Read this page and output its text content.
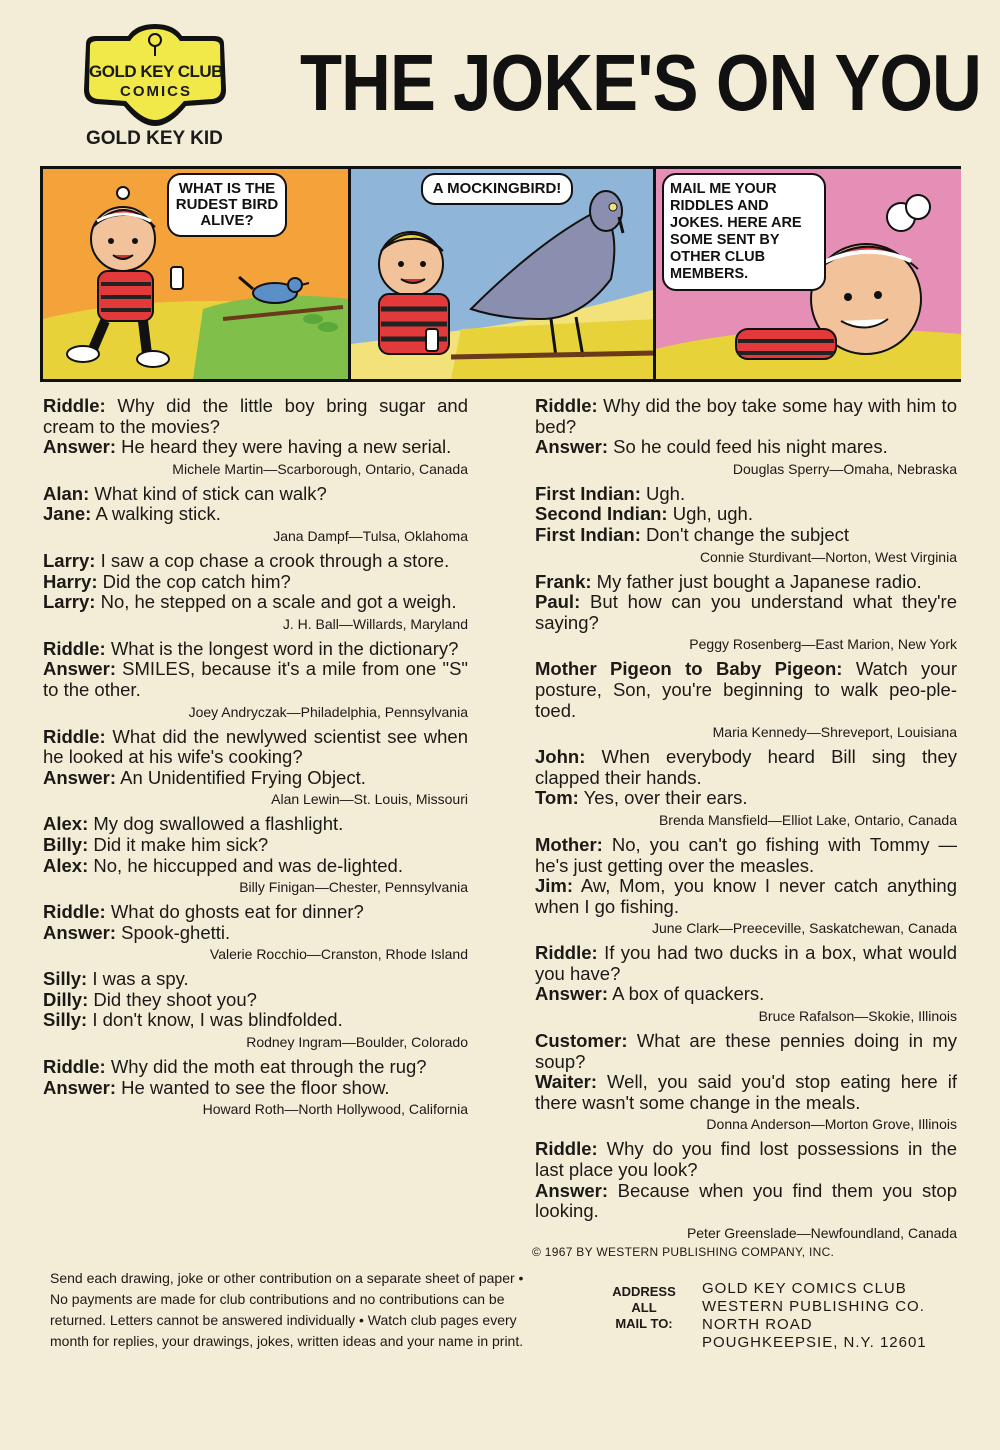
GOLD KEY CLUB
COMICS
GOLD KEY KID
THE JOKE'S ON YOU
WHAT IS THE RUDEST BIRD ALIVE?
A MOCKINGBIRD!	MAIL ME YOUR RIDDLES AND JOKES. HERE ARE SOME SENT BY OTHER CLUB MEMBERS.
Riddle: Why did the little boy bring sugar and cream to the movies?
Answer: He heard they were having a new serial.
Michele Martin—Scarborough, Ontario, Canada
Alan: What kind of stick can walk?
Jane: A walking stick.
Jana Dampf—Tulsa, Oklahoma
Larry: I saw a cop chase a crook through a store.
Harry: Did the cop catch him?
Larry: No, he stepped on a scale and got a weigh.
J. H. Ball—Willards, Maryland
Riddle: What is the longest word in the dictionary?
Answer: SMILES, because it's a mile from one "S" to the other.
Joey Andryczak—Philadelphia, Pennsylvania
Riddle: What did the newlywed scientist see when he looked at his wife's cooking?
Answer: An Unidentified Frying Object.
Alan Lewin—St. Louis, Missouri
Alex: My dog swallowed a flashlight.
Billy: Did it make him sick?
Alex: No, he hiccupped and was de-lighted.
Billy Finigan—Chester, Pennsylvania
Riddle: What do ghosts eat for dinner?
Answer: Spook-ghetti.
Valerie Rocchio—Cranston, Rhode Island
Silly: I was a spy.
Dilly: Did they shoot you?
Silly: I don't know, I was blindfolded.
Rodney Ingram—Boulder, Colorado
Riddle: Why did the moth eat through the rug?
Answer: He wanted to see the floor show.
Howard Roth—North Hollywood, California
Riddle: Why did the boy take some hay with him to bed?
Answer: So he could feed his night mares.
Douglas Sperry—Omaha, Nebraska
First Indian: Ugh.
Second Indian: Ugh, ugh.
First Indian: Don't change the subject
Connie Sturdivant—Norton, West Virginia
Frank: My father just bought a Japanese radio.
Paul: But how can you understand what they're saying?
Peggy Rosenberg—East Marion, New York
Mother Pigeon to Baby Pigeon: Watch your posture, Son, you're beginning to walk peo-ple-toed.
Maria Kennedy—Shreveport, Louisiana
John: When everybody heard Bill sing they clapped their hands.
Tom: Yes, over their ears.
Brenda Mansfield—Elliot Lake, Ontario, Canada
Mother: No, you can't go fishing with Tommy — he's just getting over the measles.
Jim: Aw, Mom, you know I never catch anything when I go fishing.
June Clark—Preeceville, Saskatchewan, Canada
Riddle: If you had two ducks in a box, what would you have?
Answer: A box of quackers.
Bruce Rafalson—Skokie, Illinois
Customer: What are these pennies doing in my soup?
Waiter: Well, you said you'd stop eating here if there wasn't some change in the meals.
Donna Anderson—Morton Grove, Illinois
Riddle: Why do you find lost possessions in the last place you look?
Answer: Because when you find them you stop looking.
Peter Greenslade—Newfoundland, Canada
© 1967 BY WESTERN PUBLISHING COMPANY, INC.
Send each drawing, joke or other contribution on a separate sheet of paper •
No payments are made for club contributions and no contributions can be
returned. Letters cannot be answered individually • Watch club pages every
month for replies, your drawings, jokes, written ideas and your name in print.
ADDRESS
ALL
MAIL TO:
GOLD KEY COMICS CLUB
WESTERN PUBLISHING CO.
NORTH ROAD
POUGHKEEPSIE, N.Y. 12601
